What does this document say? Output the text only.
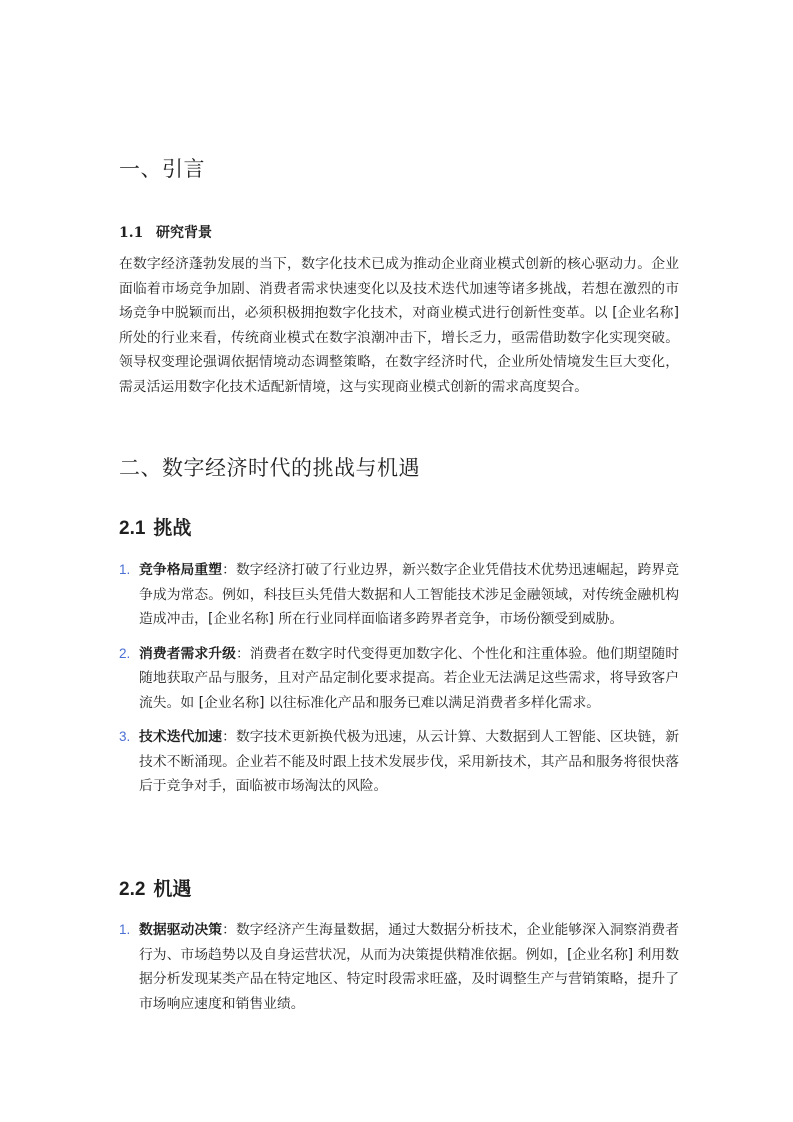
一、引言
1.1 研究背景

在数字经济蓬勃发展的当下，数字化技术已成为推动企业商业模式创新的核心驱动力。企业面临着市场竞争加剧、消费者需求快速变化以及技术迭代加速等诸多挑战，若想在激烈的市场竞争中脱颖而出，必须积极拥抱数字化技术，对商业模式进行创新性变革。以 [企业名称] 所处的行业来看，传统商业模式在数字浪潮冲击下，增长乏力，亟需借助数字化实现突破。领导权变理论强调依据情境动态调整策略，在数字经济时代，企业所处情境发生巨大变化，需灵活运用数字化技术适配新情境，这与实现商业模式创新的需求高度契合。

二、数字经济时代的挑战与机遇
2.1 挑战
1. 竞争格局重塑：数字经济打破了行业边界，新兴数字企业凭借技术优势迅速崛起，跨界竞争成为常态。例如，科技巨头凭借大数据和人工智能技术涉足金融领域，对传统金融机构造成冲击，[企业名称] 所在行业同样面临诸多跨界者竞争，市场份额受到威胁。
2. 消费者需求升级：消费者在数字时代变得更加数字化、个性化和注重体验。他们期望随时随地获取产品与服务，且对产品定制化要求提高。若企业无法满足这些需求，将导致客户流失。如 [企业名称] 以往标准化产品和服务已难以满足消费者多样化需求。
3. 技术迭代加速：数字技术更新换代极为迅速，从云计算、大数据到人工智能、区块链，新技术不断涌现。企业若不能及时跟上技术发展步伐，采用新技术，其产品和服务将很快落后于竞争对手，面临被市场淘汰的风险。
2.2 机遇
1. 数据驱动决策：数字经济产生海量数据，通过大数据分析技术，企业能够深入洞察消费者行为、市场趋势以及自身运营状况，从而为决策提供精准依据。例如，[企业名称] 利用数据分析发现某类产品在特定地区、特定时段需求旺盛，及时调整生产与营销策略，提升了市场响应速度和销售业绩。
